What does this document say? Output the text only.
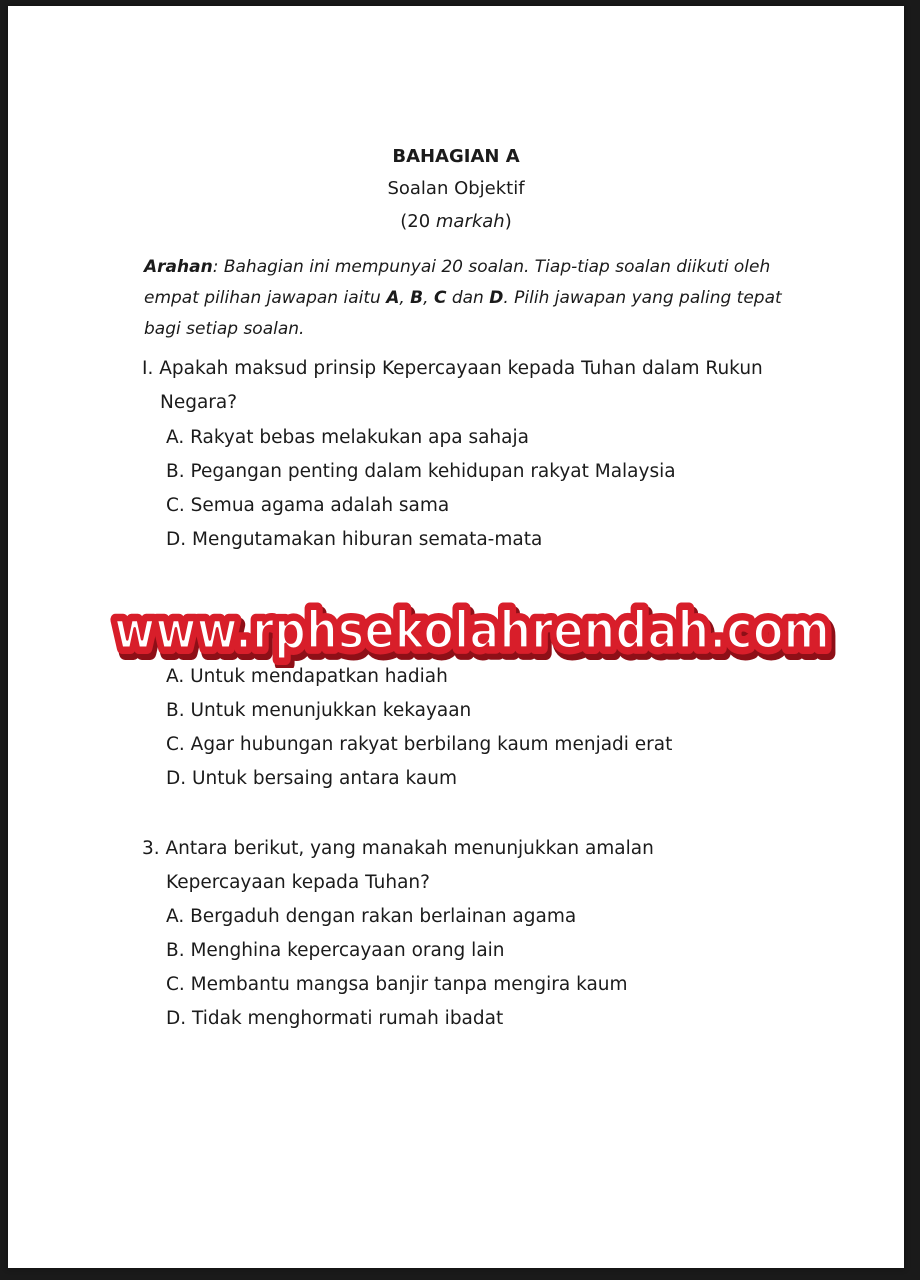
BAHAGIAN A
Soalan Objektif
(20 markah)
Arahan: Bahagian ini mempunyai 20 soalan. Tiap-tiap soalan diikuti oleh empat pilihan jawapan iaitu A, B, C dan D. Pilih jawapan yang paling tepat bagi setiap soalan.
I. Apakah maksud prinsip Kepercayaan kepada Tuhan dalam Rukun
Negara?
A. Rakyat bebas melakukan apa sahaja
B. Pegangan penting dalam kehidupan rakyat Malaysia
C. Semua agama adalah sama
D. Mengutamakan hiburan semata-mata
A. Untuk mendapatkan hadiah
B. Untuk menunjukkan kekayaan
C. Agar hubungan rakyat berbilang kaum menjadi erat
D. Untuk bersaing antara kaum
3. Antara berikut, yang manakah menunjukkan amalan
Kepercayaan kepada Tuhan?
A. Bergaduh dengan rakan berlainan agama
B. Menghina kepercayaan orang lain
C. Membantu mangsa banjir tanpa mengira kaum
D. Tidak menghormati rumah ibadat
www.rphsekolahrendah.com
www.rphsekolahrendah.com
www.rphsekolahrendah.com
